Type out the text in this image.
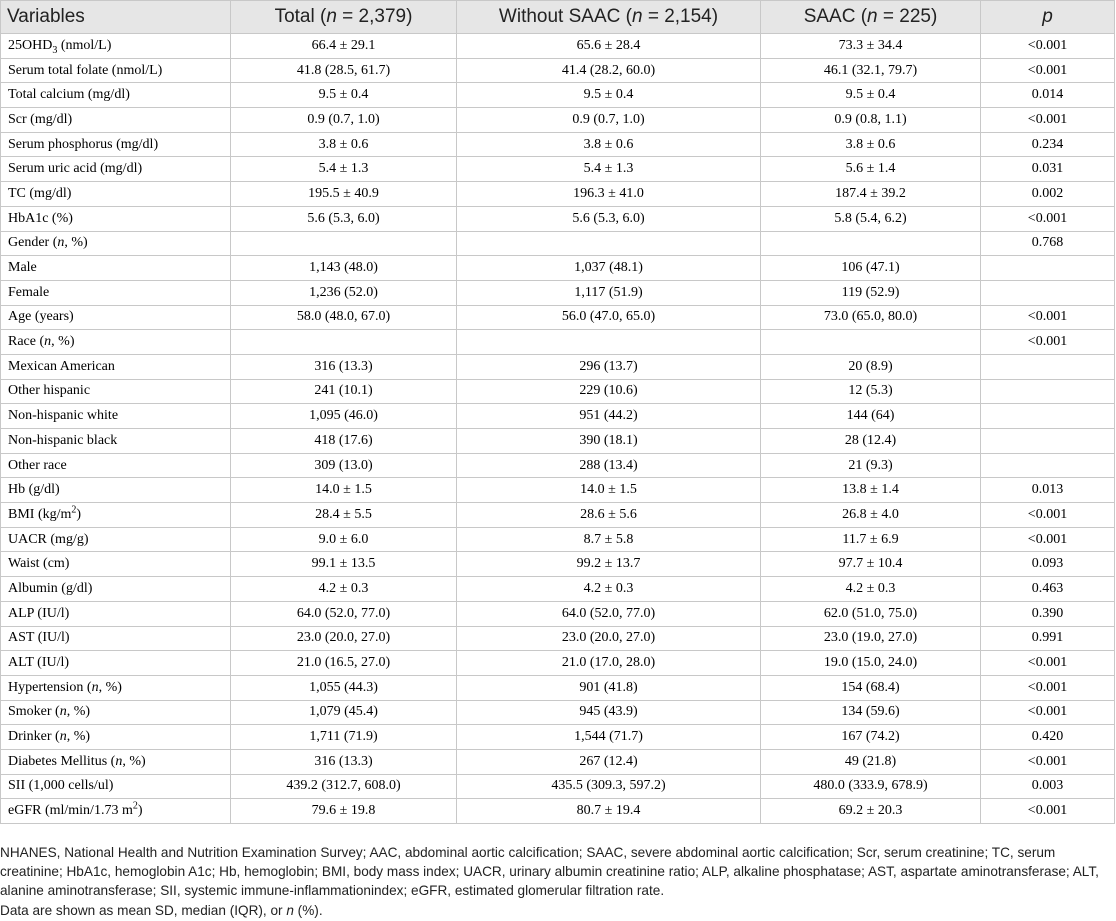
Variables	Total (n = 2,379)	Without SAAC (n = 2,154)	SAAC (n = 225)	p
$25OHD_3$ (nmol/L)	66.4 ± 29.1	65.6 ± 28.4	73.3 ± 34.4	<0.001
Serum total folate (nmol/L)	41.8 (28.5, 61.7)	41.4 (28.2, 60.0)	46.1 (32.1, 79.7)	<0.001
Total calcium (mg/dl)	9.5 ± 0.4	9.5 ± 0.4	9.5 ± 0.4	0.014
Scr (mg/dl)	0.9 (0.7, 1.0)	0.9 (0.7, 1.0)	0.9 (0.8, 1.1)	<0.001
Serum phosphorus (mg/dl)	3.8 ± 0.6	3.8 ± 0.6	3.8 ± 0.6	0.234
Serum uric acid (mg/dl)	5.4 ± 1.3	5.4 ± 1.3	5.6 ± 1.4	0.031
TC (mg/dl)	195.5 ± 40.9	196.3 ± 41.0	187.4 ± 39.2	0.002
HbA1c (%)	5.6 (5.3, 6.0)	5.6 (5.3, 6.0)	5.8 (5.4, 6.2)	<0.001
Gender (n, %)				0.768
Male	1,143 (48.0)	1,037 (48.1)	106 (47.1)	
Female	1,236 (52.0)	1,117 (51.9)	119 (52.9)	
Age (years)	58.0 (48.0, 67.0)	56.0 (47.0, 65.0)	73.0 (65.0, 80.0)	<0.001
Race (n, %)				<0.001
Mexican American	316 (13.3)	296 (13.7)	20 (8.9)	
Other hispanic	241 (10.1)	229 (10.6)	12 (5.3)	
Non-hispanic white	1,095 (46.0)	951 (44.2)	144 (64)	
Non-hispanic black	418 (17.6)	390 (18.1)	28 (12.4)	
Other race	309 (13.0)	288 (13.4)	21 (9.3)	
Hb (g/dl)	14.0 ± 1.5	14.0 ± 1.5	13.8 ± 1.4	0.013
BMI $(kg/m^2)$	28.4 ± 5.5	28.6 ± 5.6	26.8 ± 4.0	<0.001
UACR (mg/g)	9.0 ± 6.0	8.7 ± 5.8	11.7 ± 6.9	<0.001
Waist (cm)	99.1 ± 13.5	99.2 ± 13.7	97.7 ± 10.4	0.093
Albumin (g/dl)	4.2 ± 0.3	4.2 ± 0.3	4.2 ± 0.3	0.463
ALP (IU/l)	64.0 (52.0, 77.0)	64.0 (52.0, 77.0)	62.0 (51.0, 75.0)	0.390
AST (IU/l)	23.0 (20.0, 27.0)	23.0 (20.0, 27.0)	23.0 (19.0, 27.0)	0.991
ALT (IU/l)	21.0 (16.5, 27.0)	21.0 (17.0, 28.0)	19.0 (15.0, 24.0)	<0.001
Hypertension (n, %)	1,055 (44.3)	901 (41.8)	154 (68.4)	<0.001
Smoker (n, %)	1,079 (45.4)	945 (43.9)	134 (59.6)	<0.001
Drinker (n, %)	1,711 (71.9)	1,544 (71.7)	167 (74.2)	0.420
Diabetes Mellitus (n, %)	316 (13.3)	267 (12.4)	49 (21.8)	<0.001
SII (1,000 cells/ul)	439.2 (312.7, 608.0)	435.5 (309.3, 597.2)	480.0 (333.9, 678.9)	0.003
eGFR (ml/min/1.73 $m^2$)	79.6 ± 19.8	80.7 ± 19.4	69.2 ± 20.3	<0.001

NHANES, National Health and Nutrition Examination Survey; AAC, abdominal aortic calcification; SAAC, severe abdominal aortic calcification; Scr, serum creatinine; TC, serum creatinine; HbA1c, hemoglobin A1c; Hb, hemoglobin; BMI, body mass index; UACR, urinary albumin creatinine ratio; ALP, alkaline phosphatase; AST, aspartate aminotransferase; ALT, alanine aminotransferase; SII, systemic immune-inflammationindex; eGFR, estimated glomerular filtration rate.

Data are shown as mean SD, median (IQR), or n (%).
